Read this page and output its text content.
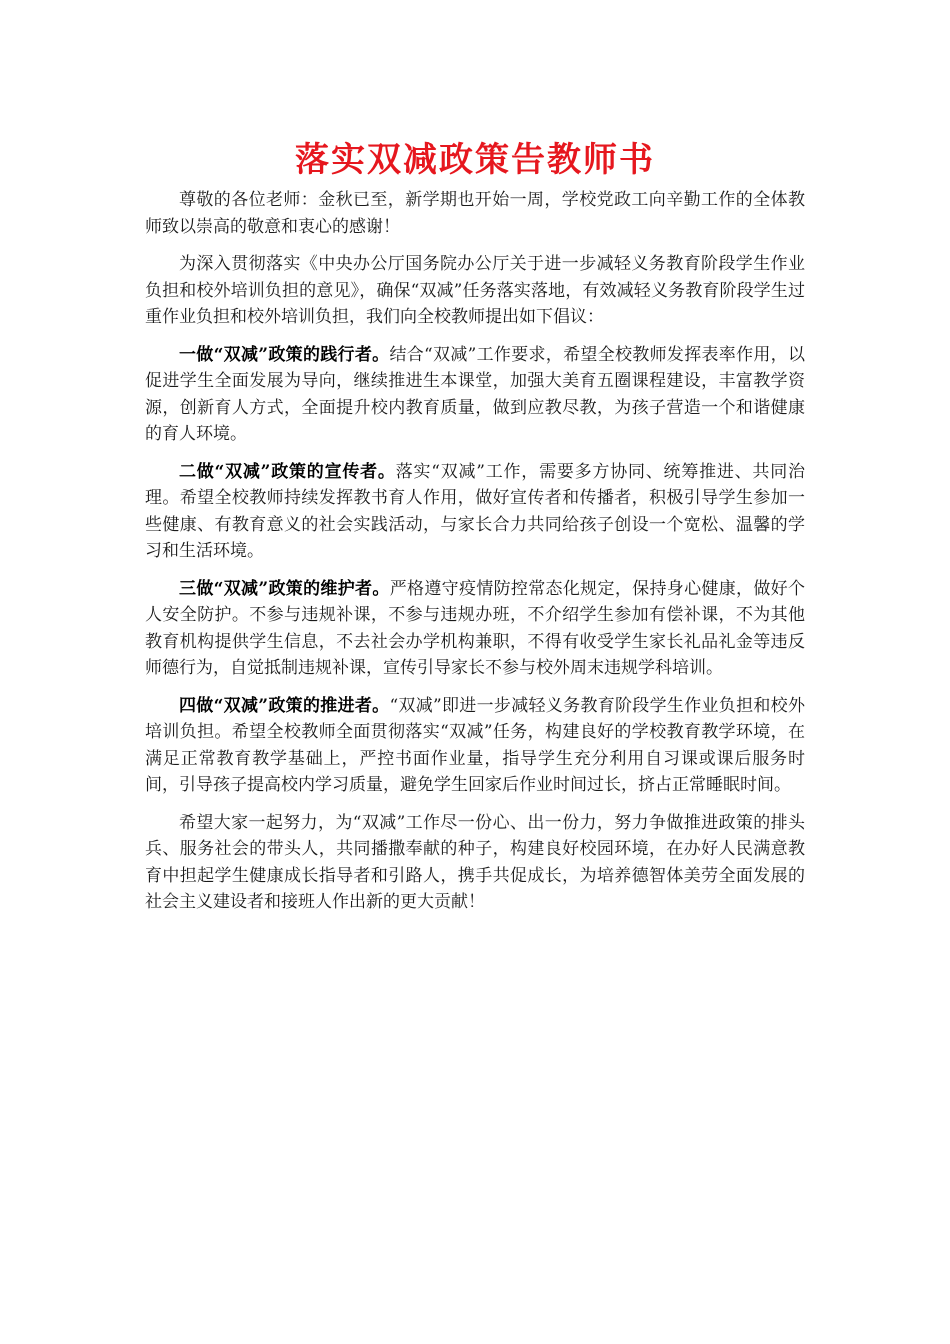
落实双减政策告教师书

尊敬的各位老师：金秋已至，新学期也开始一周，学校党政工向辛勤工作的全体教师致以崇高的敬意和衷心的感谢！

为深入贯彻落实《中央办公厅国务院办公厅关于进一步减轻义务教育阶段学生作业负担和校外培训负担的意见》，确保“双减”任务落实落地，有效减轻义务教育阶段学生过重作业负担和校外培训负担，我们向全校教师提出如下倡议：

一做“双减”政策的践行者。结合“双减”工作要求，希望全校教师发挥表率作用，以促进学生全面发展为导向，继续推进生本课堂，加强大美育五圈课程建设，丰富教学资源，创新育人方式，全面提升校内教育质量，做到应教尽教，为孩子营造一个和谐健康的育人环境。

二做“双减”政策的宣传者。落实“双减”工作，需要多方协同、统筹推进、共同治理。希望全校教师持续发挥教书育人作用，做好宣传者和传播者，积极引导学生参加一些健康、有教育意义的社会实践活动，与家长合力共同给孩子创设一个宽松、温馨的学习和生活环境。

三做“双减”政策的维护者。严格遵守疫情防控常态化规定，保持身心健康，做好个人安全防护。不参与违规补课，不参与违规办班，不介绍学生参加有偿补课，不为其他教育机构提供学生信息，不去社会办学机构兼职，不得有收受学生家长礼品礼金等违反师德行为，自觉抵制违规补课，宣传引导家长不参与校外周末违规学科培训。

四做“双减”政策的推进者。“双减”即进一步减轻义务教育阶段学生作业负担和校外培训负担。希望全校教师全面贯彻落实“双减”任务，构建良好的学校教育教学环境，在满足正常教育教学基础上，严控书面作业量，指导学生充分利用自习课或课后服务时间，引导孩子提高校内学习质量，避免学生回家后作业时间过长，挤占正常睡眠时间。

希望大家一起努力，为“双减”工作尽一份心、出一份力，努力争做推进政策的排头兵、服务社会的带头人，共同播撒奉献的种子，构建良好校园环境，在办好人民满意教育中担起学生健康成长指导者和引路人，携手共促成长，为培养德智体美劳全面发展的社会主义建设者和接班人作出新的更大贡献！
